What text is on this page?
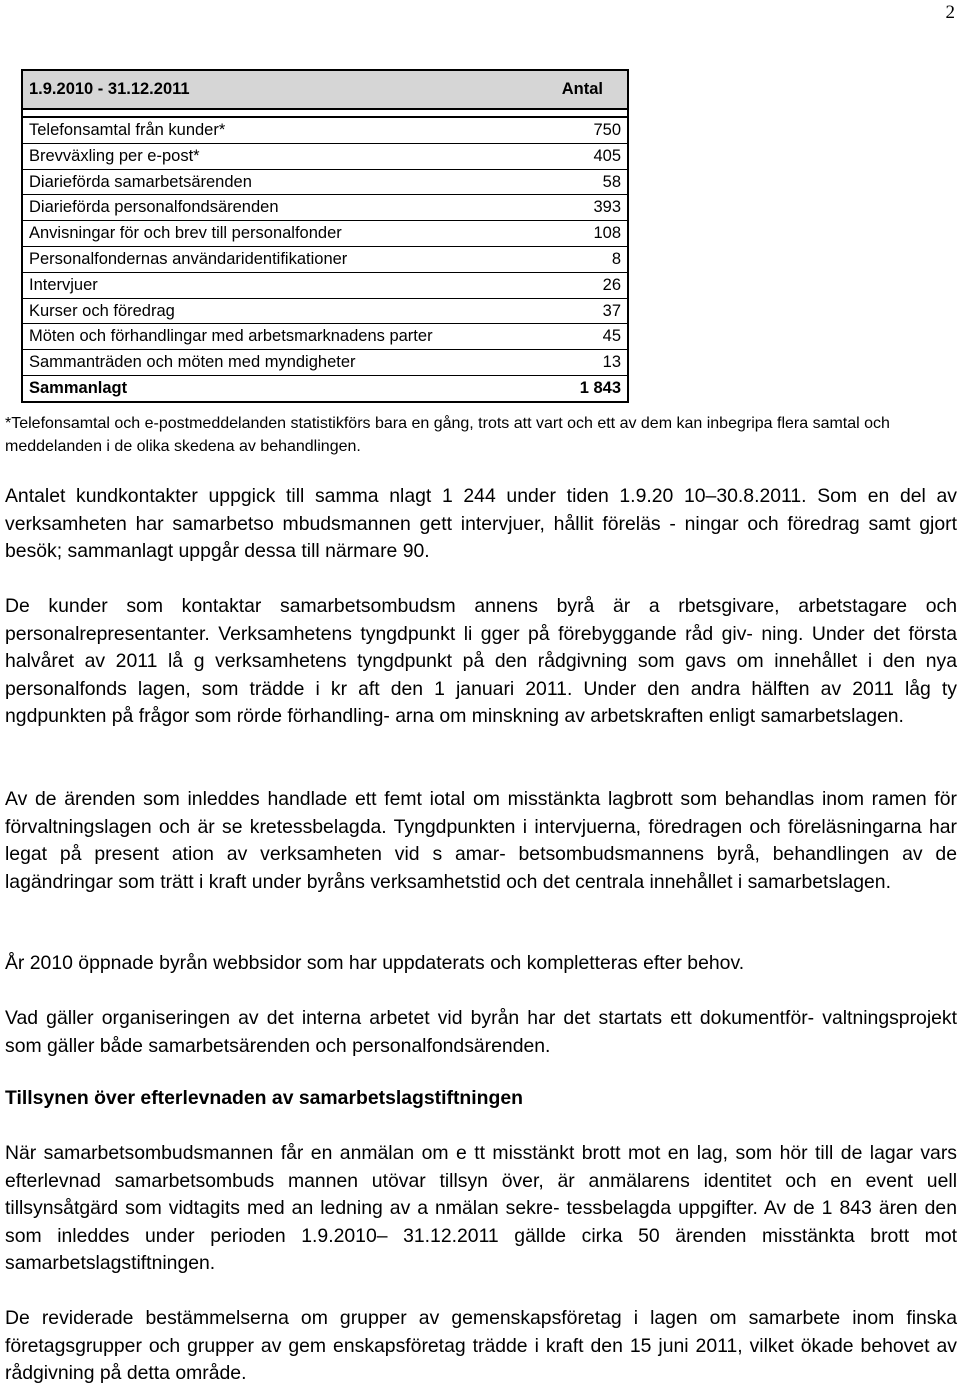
2
1.9.2010 - 31.12.2011	Antal

Telefonsamtal från kunder*	750
Brevväxling per e-post*	405
Diarieförda samarbetsärenden	58
Diarieförda personalfondsärenden	393
Anvisningar för och brev till personalfonder	108
Personalfondernas användaridentifikationer	8
Intervjuer	26
Kurser och föredrag	37
Möten och förhandlingar med arbetsmarknadens parter	45
Sammanträden och möten med myndigheter	13
Sammanlagt	1 843

*Telefonsamtal och e-postmeddelanden statistikförs bara en gång, trots att vart och ett av dem kan inbegripa flera samtal och meddelanden i de olika skedena av behandlingen.

Antalet kundkontakter uppgick till samma nlagt 1 244 under tiden 1.9.20 10–30.8.2011. Som en del av verksamheten har samarbetso mbudsmannen gett intervjuer, hållit föreläs - ningar och föredrag samt gjort besök; sammanlagt uppgår dessa till närmare 90.

De kunder som kontaktar samarbetsombudsm annens byrå är a rbetsgivare, arbetstagare och personalrepresentanter. Verksamhetens tyngdpunkt li gger på förebyggande råd giv- ning. Under det första halvåret av 2011 lå g verksamhetens tyngdpunkt på den rådgivning som gavs om innehållet i den nya personalfonds lagen, som trädde i kr aft den 1 januari 2011. Under den andra hälften av 2011 låg ty ngdpunkten på frågor som rörde förhandling- arna om minskning av arbetskraften enligt samarbetslagen.

Av de ärenden som inleddes handlade ett femt iotal om misstänkta lagbrott som behandlas inom ramen för förvaltningslagen och är se kretessbelagda. Tyngdpunkten i intervjuerna, föredragen och föreläsningarna har legat på present ation av verksamheten vid s amar- betsombudsmannens byrå, behandlingen av de lagändringar som trätt i kraft under byråns verksamhetstid och det centrala innehållet i samarbetslagen.

År 2010 öppnade byrån webbsidor som har uppdaterats och kompletteras efter behov.

Vad gäller organiseringen av det interna arbetet vid byrån har det startats ett dokumentför- valtningsprojekt som gäller både samarbetsärenden och personalfondsärenden.

Tillsynen över efterlevnaden av samarbetslagstiftningen

När samarbetsombudsmannen får en anmälan om e tt misstänkt brott mot en lag, som hör till de lagar vars efterlevnad samarbetsombuds mannen utövar tillsyn över, är anmälarens identitet och en event uell tillsynsåtgärd som vidtagits med an ledning av a nmälan sekre- tessbelagda uppgifter. Av de 1 843 ären den som inleddes under perioden 1.9.2010– 31.12.2011 gällde cirka 50 ärenden misstänkta brott mot samarbetslagstiftningen.

De reviderade bestämmelserna om grupper av gemenskapsföretag i lagen om samarbete inom finska företagsgrupper och grupper av gem enskapsföretag trädde i kraft den 15 juni 2011, vilket ökade behovet av rådgivning på detta område.
